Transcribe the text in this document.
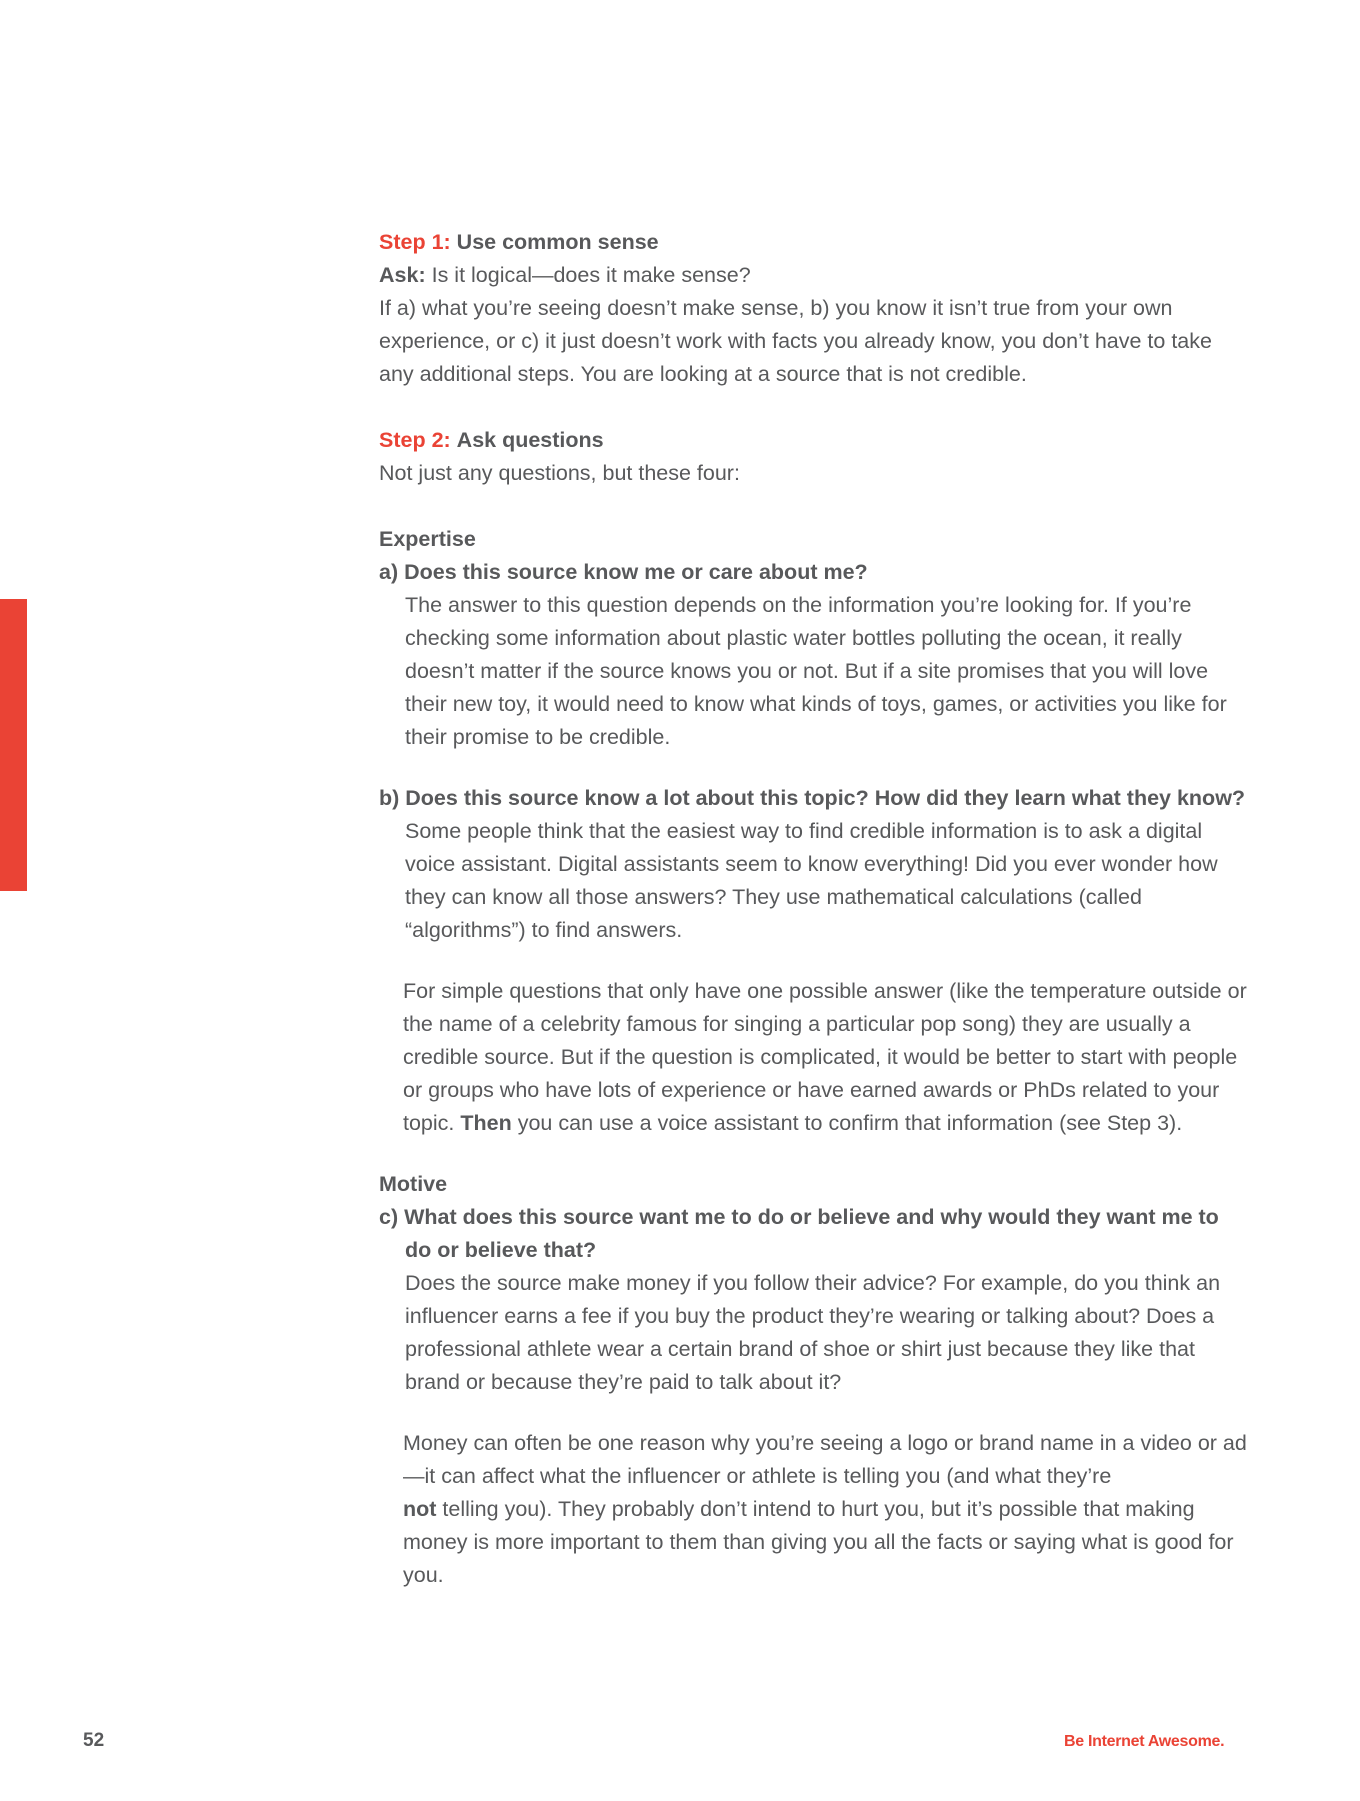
Step 1: Use common sense
Ask: Is it logical—does it make sense?
If a) what you’re seeing doesn’t make sense, b) you know it isn’t true from your own experience, or c) it just doesn’t work with facts you already know, you don’t have to take any additional steps. You are looking at a source that is not credible.
Step 2: Ask questions
Not just any questions, but these four:
Expertise
a) Does this source know me or care about me?
The answer to this question depends on the information you’re looking for. If you’re checking some information about plastic water bottles polluting the ocean, it really doesn’t matter if the source knows you or not. But if a site promises that you will love their new toy, it would need to know what kinds of toys, games, or activities you like for their promise to be credible.
b) Does this source know a lot about this topic? How did they learn what they know?
Some people think that the easiest way to find credible information is to ask a digital voice assistant. Digital assistants seem to know everything! Did you ever wonder how they can know all those answers? They use mathematical calculations (called “algorithms”) to find answers.
For simple questions that only have one possible answer (like the temperature outside or the name of a celebrity famous for singing a particular pop song) they are usually a credible source. But if the question is complicated, it would be better to start with people or groups who have lots of experience or have earned awards or PhDs related to your topic. Then you can use a voice assistant to confirm that information (see Step 3).
Motive
c) What does this source want me to do or believe and why would they want me to do or believe that?
Does the source make money if you follow their advice? For example, do you think an influencer earns a fee if you buy the product they’re wearing or talking about? Does a professional athlete wear a certain brand of shoe or shirt just because they like that brand or because they’re paid to talk about it?
Money can often be one reason why you’re seeing a logo or brand name in a video or ad—it can affect what the influencer or athlete is telling you (and what they’re
not telling you). They probably don’t intend to hurt you, but it’s possible that making money is more important to them than giving you all the facts or saying what is good for you.
52	Be Internet Awesome.
